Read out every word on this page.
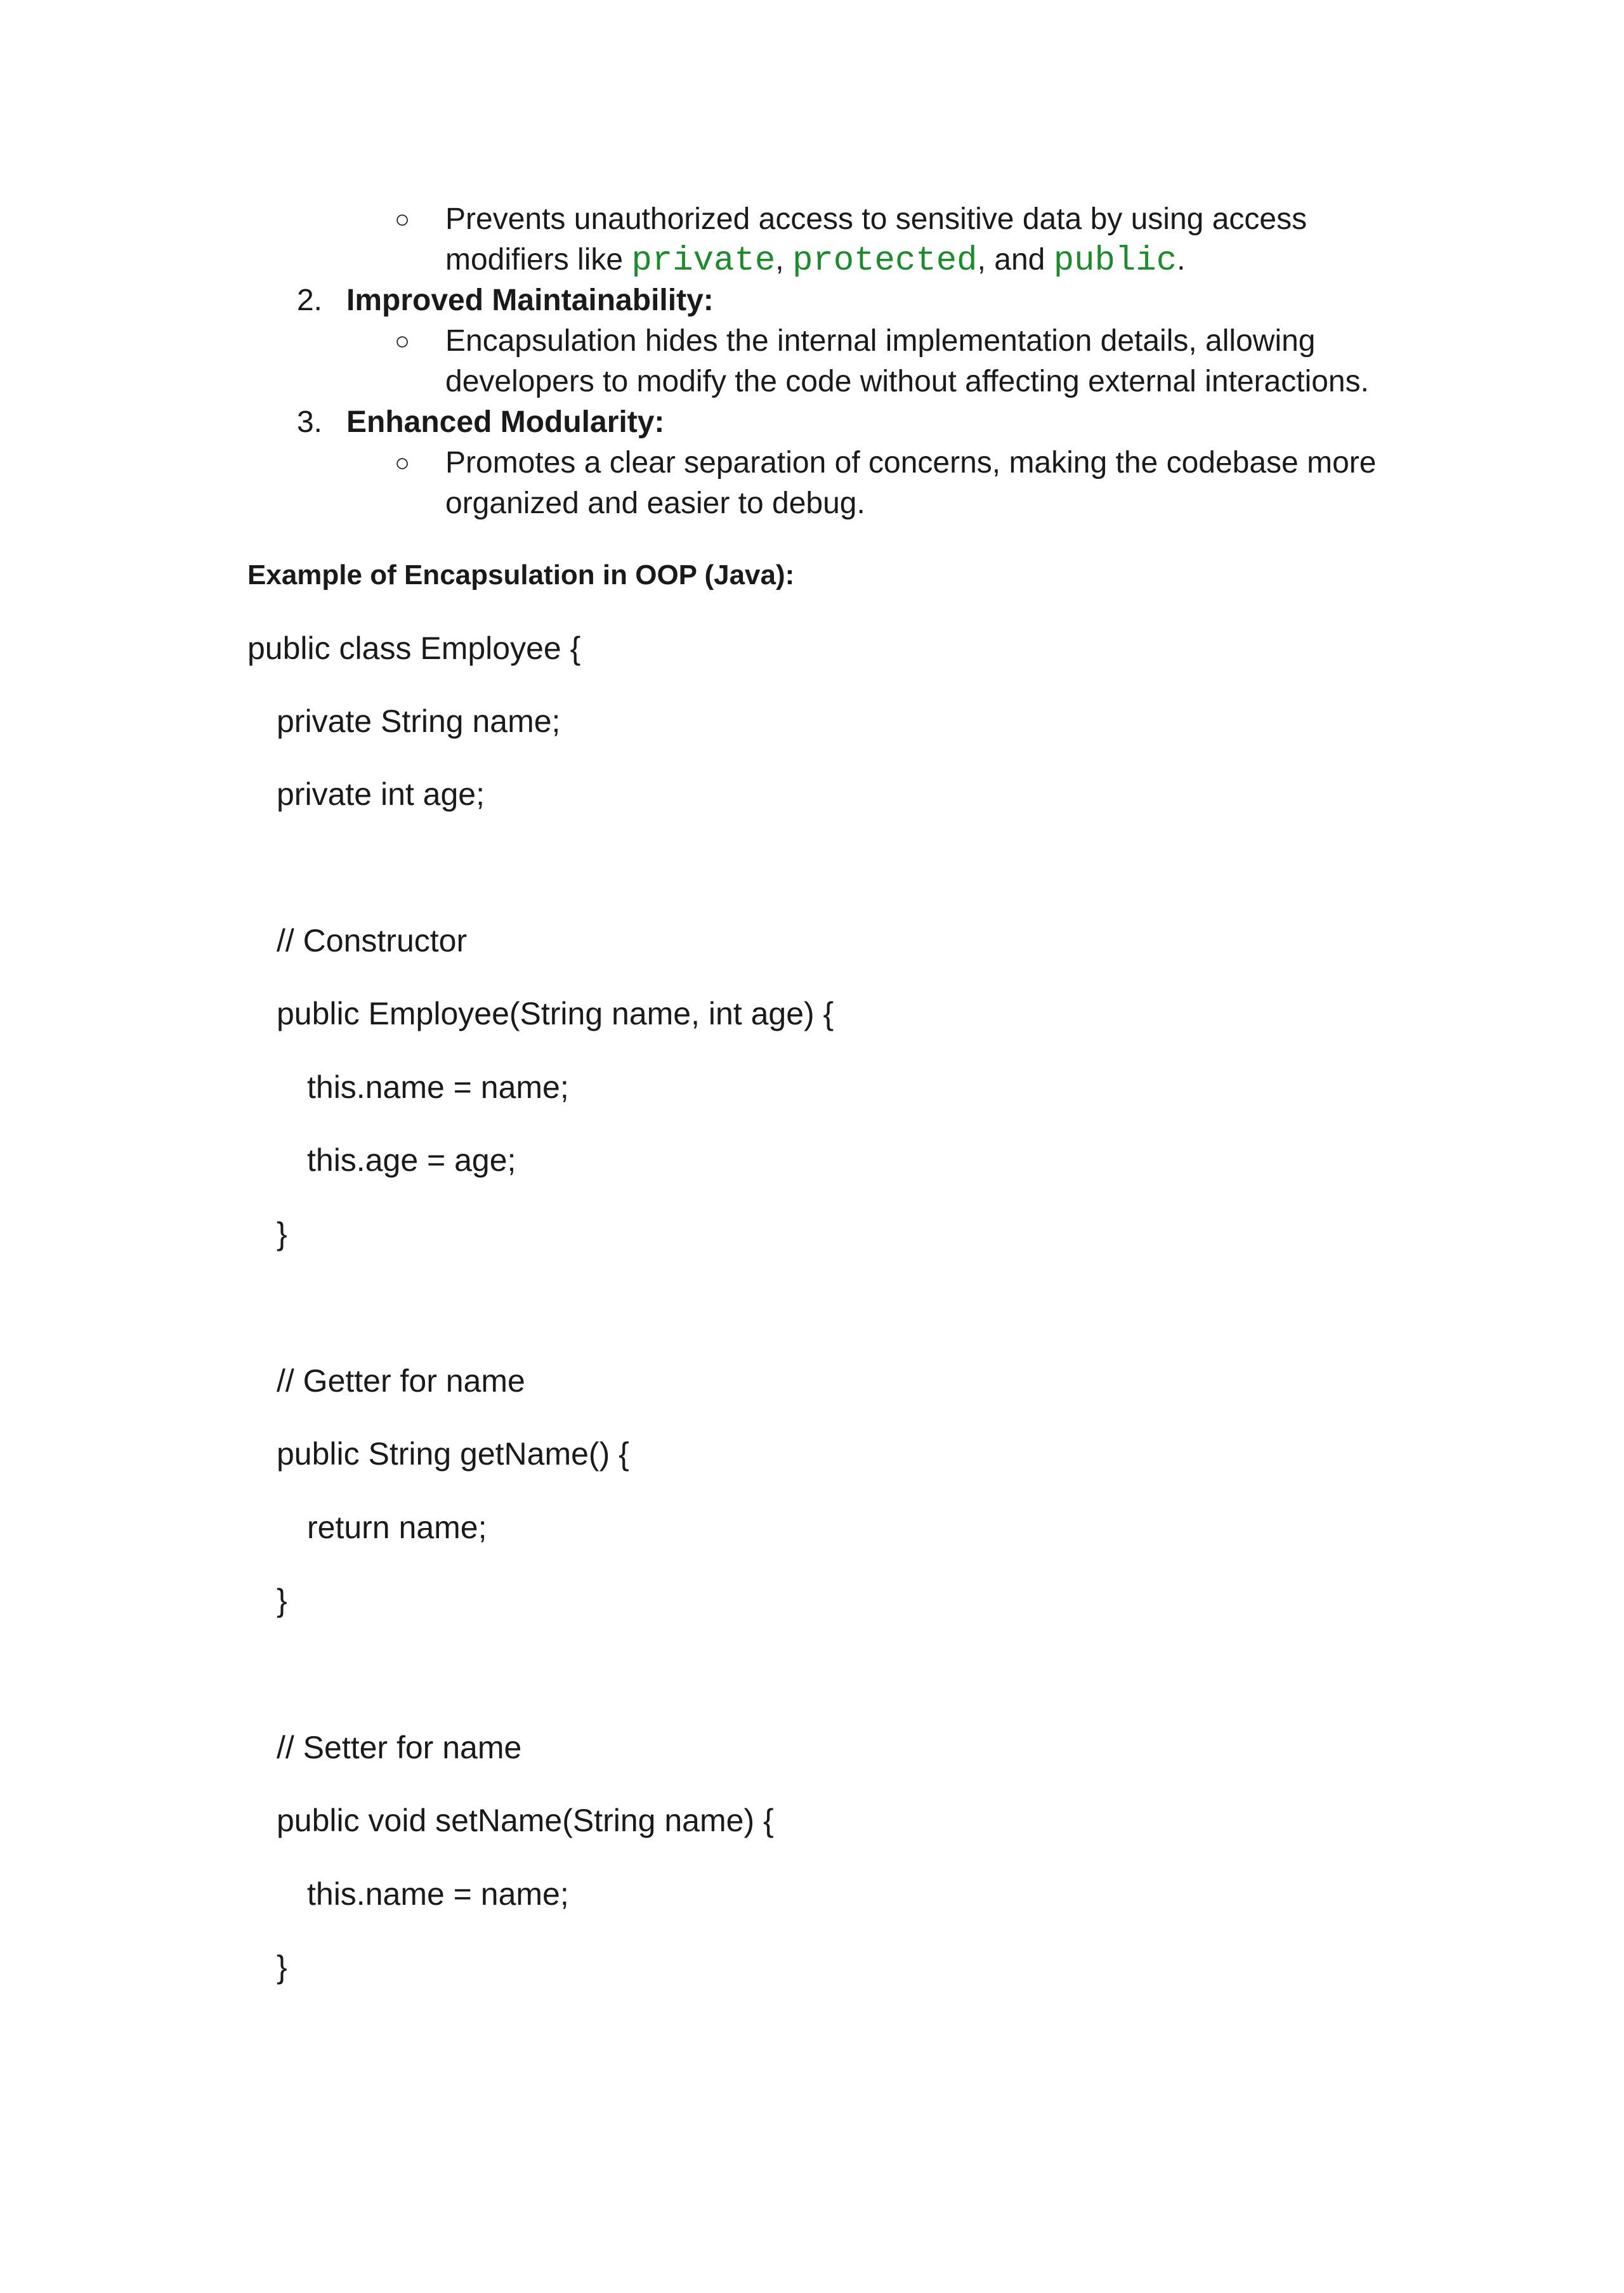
○ Prevents unauthorized access to sensitive data by using access
modifiers like private, protected, and public.
2. Improved Maintainability:
○ Encapsulation hides the internal implementation details, allowing
developers to modify the code without affecting external interactions.
3. Enhanced Modularity:
○ Promotes a clear separation of concerns, making the codebase more
organized and easier to debug.
Example of Encapsulation in OOP (Java):
public class Employee {
private String name;
private int age;
// Constructor
public Employee(String name, int age) {
this.name = name;
this.age = age;
}
// Getter for name
public String getName() {
return name;
}
// Setter for name
public void setName(String name) {
this.name = name;
}
